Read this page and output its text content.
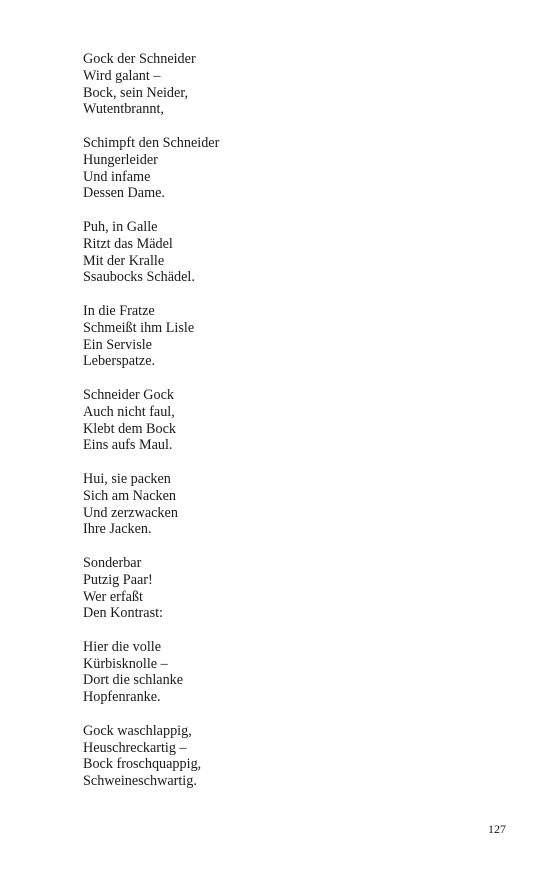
Gock der Schneider
Wird galant –
Bock, sein Neider,
Wutentbrannt,
Schimpft den Schneider
Hungerleider
Und infame
Dessen Dame.
Puh, in Galle
Ritzt das Mädel
Mit der Kralle
Ssaubocks Schädel.
In die Fratze
Schmeißt ihm Lisle
Ein Servisle
Leberspatze.
Schneider Gock
Auch nicht faul,
Klebt dem Bock
Eins aufs Maul.
Hui, sie packen
Sich am Nacken
Und zerzwacken
Ihre Jacken.
Sonderbar
Putzig Paar!
Wer erfaßt
Den Kontrast:
Hier die volle
Kürbisknolle –
Dort die schlanke
Hopfenranke.
Gock waschlappig,
Heuschreckartig –
Bock froschquappig,
Schweineschwartig.
127
